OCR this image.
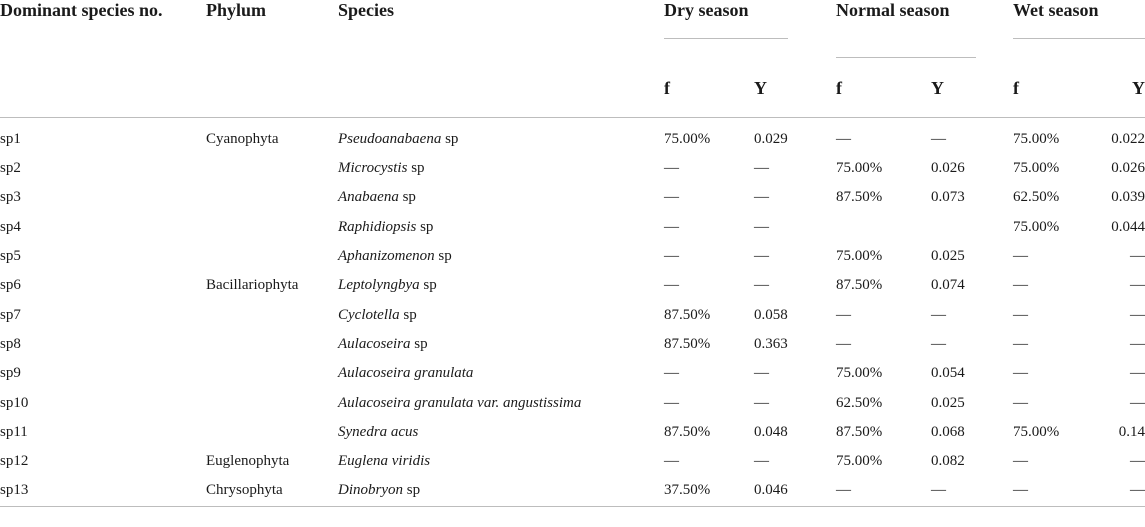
Dominant species no.	Phylum	Species	Dry season		Normal season		Wet season	

			f	Y	f	Y	f	Y
sp1	Cyanophyta	Pseudoanabaena sp	75.00%	0.029	—	—	75.00%	0.022
sp2		Microcystis sp	—	—	75.00%	0.026	75.00%	0.026
sp3		Anabaena sp	—	—	87.50%	0.073	62.50%	0.039
sp4		Raphidiopsis sp	—	—			75.00%	0.044
sp5		Aphanizomenon sp	—	—	75.00%	0.025	—	—
sp6	Bacillariophyta	Leptolyngbya sp	—	—	87.50%	0.074	—	—
sp7		Cyclotella sp	87.50%	0.058	—	—	—	—
sp8		Aulacoseira sp	87.50%	0.363	—	—	—	—
sp9		Aulacoseira granulata	—	—	75.00%	0.054	—	—
sp10		Aulacoseira granulata var. angustissima	—	—	62.50%	0.025	—	—
sp11		Synedra acus	87.50%	0.048	87.50%	0.068	75.00%	0.14
sp12	Euglenophyta	Euglena viridis	—	—	75.00%	0.082	—	—
sp13	Chrysophyta	Dinobryon sp	37.50%	0.046	—	—	—	—
